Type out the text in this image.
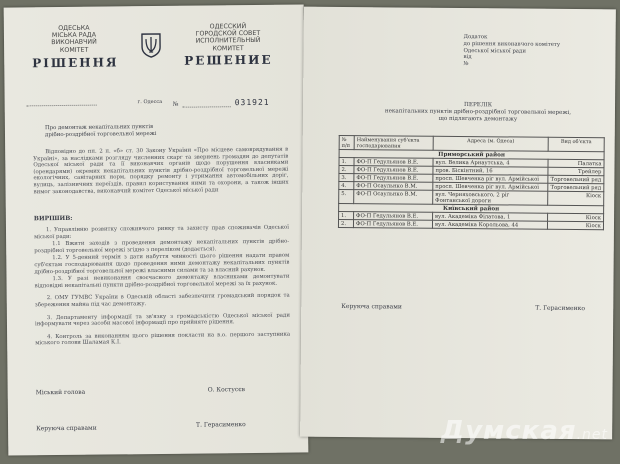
ОДЕСЬКА
МІСЬКА РАДА
ВИКОНАВЧИЙ
КОМІТЕТ
РІШЕННЯ
ОДЕССКИЙ
ГОРОДСКОЙ СОВЕТ
ИСПОЛНИТЕЛЬНЫЙ
КОМИТЕТ
РЕШЕНИЕ
г. Одесса №	031921
Про демонтаж некапітальних пунктів
дрібно-роздрібної торговельної мережі
Відповідно до пп. 2 п. «б» ст. 30 Закону України «Про місцеве самоврядування в Україні», за наслідками розгляду численних скарг та звернень громадян до депутатів Одеської міської ради та її виконавчих органів щодо порушення власниками (орендарями) окремих некапітальних пунктів дрібно-роздрібної торговельної мережі екологічних, санітарних норм, порядку ремонту і утримання автомобільних доріг, вулиць, залізничних переїздів, правил користування ними та охорони, а також інших вимог законодавства, виконавчий комітет Одеської міської ради
ВИРІШИВ:
1. Управлінню розвитку споживчого ринку та захисту прав споживачів Одеської міської ради:
1.1 Вжити заходів з проведення демонтажу некапітальних пунктів дрібно-роздрібної торговельної мережі згідно з переліком (додається).
1.2. У 5-денний термін з дати набуття чинності цього рішення надати правом суб'єктам господарювання щодо проведення ними демонтажу некапітальних пунктів дрібно-роздрібної торговельної мережі власними силами та за власний рахунок.
1.3. У разі невиконання своєчасного демонтажу власниками демонтувати відповідні некапітальні пункти дрібно-роздрібної торговельної мережі за їх рахунок.
2. ОМУ ГУМВС України в Одеській області забезпечити громадський порядок та збереження майна під час демонтажу.
3. Департаменту інформації та зв'язку з громадськістю Одеської міської ради інформувати через засоби масової інформації про прийняте рішення.
4. Контроль за виконанням цього рішення покласти на в.о. першого заступника міського голови Шаламая К.І.
Міський голова	О. Костусєв
Керуюча справами	Т. Герасименко
Додаток
до рішення виконавчого комітету
Одеської міської ради
від
№
ПЕРЕЛІК
некапітальних пунктів дрібно-роздрібної торговельної мережі,
що підлягають демонтажу
№ п/п	Найменування суб'єкта господарювання	Адреса (м. Одеса)	Вид об'єкта
Приморський район			
1.	ФО-П Гедульянов В.Е.	вул. Велика Арнаутська, 4	Палатка
2.	ФО-П Гедульянов В.Е.	пров. Біскінтний, 16	Трейлер
3.	ФО-П Гедульянов В.Е.	просп. Шевченка ріг вул. Армійської	Торговельний ряд
4.	ФО-П Осаульнко В.М.	просп. Шевченка ріг вул. Армійської	Торговельний ряд
5.	ФО-П Осаульнко В.М.	вул. Черняховського, 2 ріг Фонтанської дороги	Кіоск
Київський район			
1.	ФО-П Гедульянов В.Е.	вул. Академіка Філатова, 1	Кіоск
2.	ФО-П Гедульянов В.Е.	вул. Академіка Корольова, 44	Кіоск
Керуюча справами	Т. Герасименко
Думская.net
